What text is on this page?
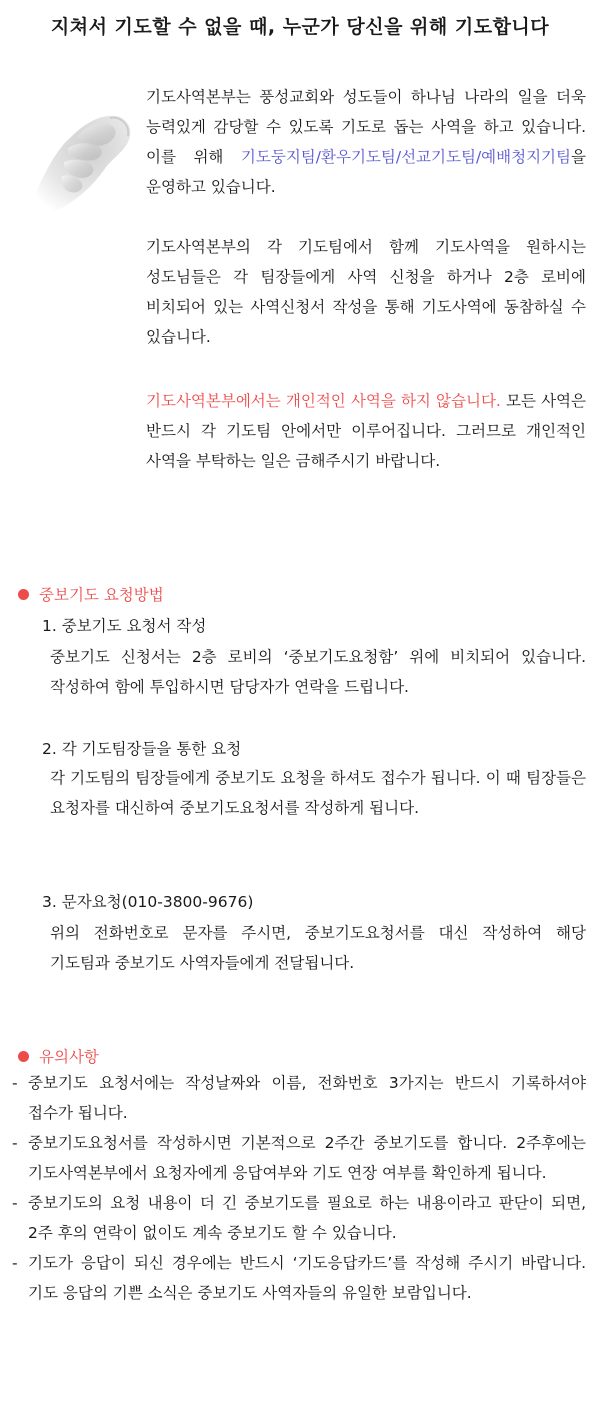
지쳐서 기도할 수 없을 때, 누군가 당신을 위해 기도합니다
기도사역본부는 풍성교회와 성도들이 하나님 나라의 일을 더욱 능력있게 감당할 수 있도록 기도로 돕는 사역을 하고 있습니다. 이를 위해 기도둥지팀/환우기도팀/선교기도팀/예배청지기팀을 운영하고 있습니다.
기도사역본부의 각 기도팀에서 함께 기도사역을 원하시는 성도님들은 각 팀장들에게 사역 신청을 하거나 2층 로비에 비치되어 있는 사역신청서 작성을 통해 기도사역에 동참하실 수 있습니다.
기도사역본부에서는 개인적인 사역을 하지 않습니다. 모든 사역은 반드시 각 기도팀 안에서만 이루어집니다. 그러므로 개인적인 사역을 부탁하는 일은 금해주시기 바랍니다.
중보기도 요청방법
1. 중보기도 요청서 작성
중보기도 신청서는 2층 로비의 ‘중보기도요청함’ 위에 비치되어 있습니다. 작성하여 함에 투입하시면 담당자가 연락을 드립니다.
2. 각 기도팀장들을 통한 요청
각 기도팀의 팀장들에게 중보기도 요청을 하셔도 접수가 됩니다. 이 때 팀장들은 요청자를 대신하여 중보기도요청서를 작성하게 됩니다.
3. 문자요청(010-3800-9676)
위의 전화번호로 문자를 주시면, 중보기도요청서를 대신 작성하여 해당 기도팀과 중보기도 사역자들에게 전달됩니다.
유의사항
- 중보기도 요청서에는 작성날짜와 이름, 전화번호 3가지는 반드시 기록하셔야 접수가 됩니다.
- 중보기도요청서를 작성하시면 기본적으로 2주간 중보기도를 합니다. 2주후에는 기도사역본부에서 요청자에게 응답여부와 기도 연장 여부를 확인하게 됩니다.
- 중보기도의 요청 내용이 더 긴 중보기도를 필요로 하는 내용이라고 판단이 되면, 2주 후의 연락이 없이도 계속 중보기도 할 수 있습니다.
- 기도가 응답이 되신 경우에는 반드시 ‘기도응답카드’를 작성해 주시기 바랍니다. 기도 응답의 기쁜 소식은 중보기도 사역자들의 유일한 보람입니다.
